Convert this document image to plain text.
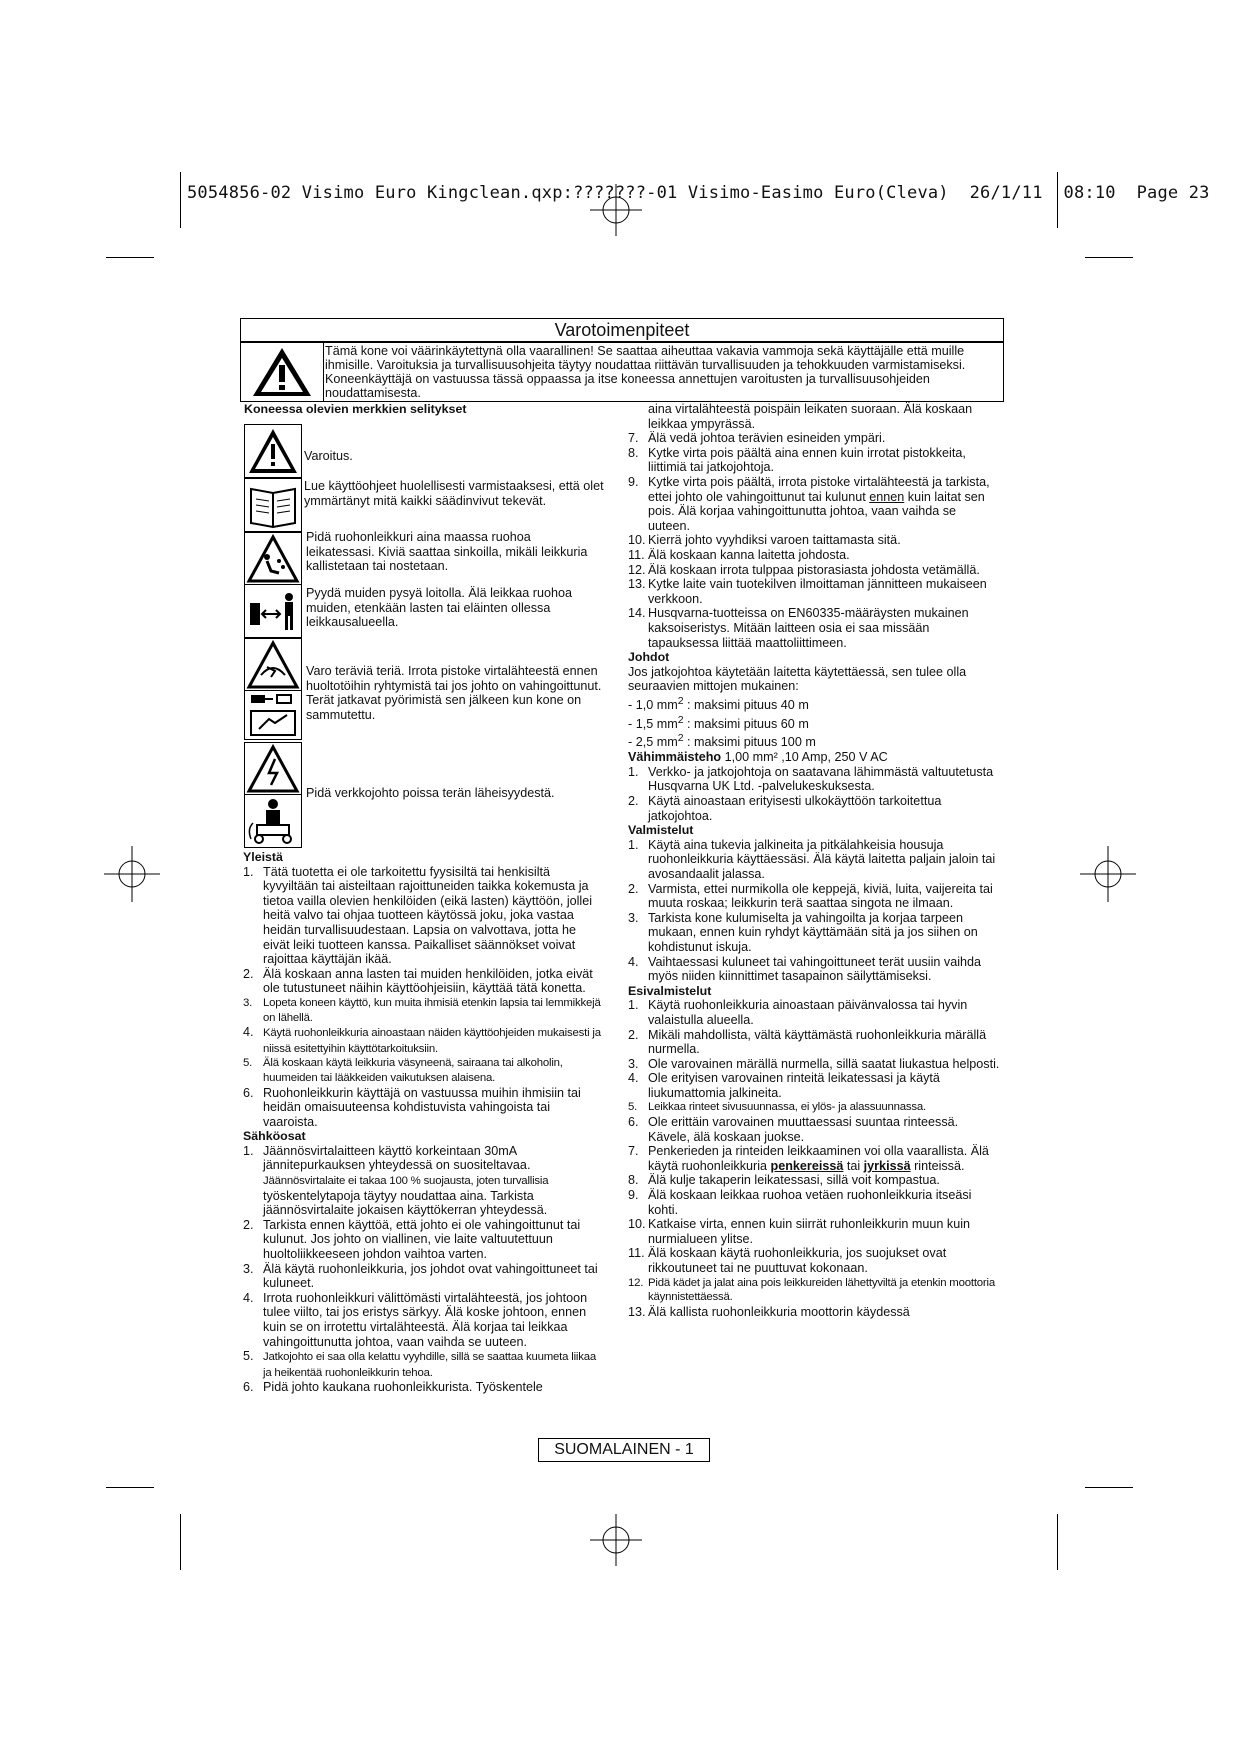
5054856-02 Visimo Euro Kingclean.qxp:???????-01 Visimo-Easimo Euro(Cleva)  26/1/11  08:10  Page 23
Varotoimenpiteet
Tämä kone voi väärinkäytettynä olla vaarallinen! Se saattaa aiheuttaa vakavia vammoja sekä käyttäjälle että muille ihmisille. Varoituksia ja turvallisuusohjeita täytyy noudattaa riittävän turvallisuuden ja tehokkuuden varmistamiseksi. Koneenkäyttäjä on vastuussa tässä oppaassa ja itse koneessa annettujen varoitusten ja turvallisuusohjeiden noudattamisesta.

Koneessa olevien merkkien selitykset

Varoitus.
Lue käyttöohjeet huolellisesti varmistaaksesi, että olet ymmärtänyt mitä kaikki säädinvivut tekevät.
Pidä ruohonleikkuri aina maassa ruohoa leikatessasi. Kiviä saattaa sinkoilla, mikäli leikkuria kallistetaan tai nostetaan.
Pyydä muiden pysyä loitolla. Älä leikkaa ruohoa muiden, etenkään lasten tai eläinten ollessa leikkausalueella.
Varo teräviä teriä. Irrota pistoke virtalähteestä ennen huoltotöihin ryhtymistä tai jos johto on vahingoittunut.
Terät jatkavat pyörimistä sen jälkeen kun kone on sammutettu.
Pidä verkkojohto poissa terän läheisyydestä.

Yleistä

1. Tätä tuotetta ei ole tarkoitettu fyysisiltä tai henkisiltä kyvyiltään tai aisteiltaan rajoittuneiden taikka kokemusta ja tietoa vailla olevien henkilöiden (eikä lasten) käyttöön, jollei heitä valvo tai ohjaa tuotteen käytössä joku, joka vastaa heidän turvallisuudestaan. Lapsia on valvottava, jotta he eivät leiki tuotteen kanssa. Paikalliset säännökset voivat rajoittaa käyttäjän ikää.
2. Älä koskaan anna lasten tai muiden henkilöiden, jotka eivät ole tutustuneet näihin käyttöohjeisiin, käyttää tätä konetta.
3. Lopeta koneen käyttö, kun muita ihmisiä etenkin lapsia tai lemmikkejä on lähellä.
4. Käytä ruohonleikkuria ainoastaan näiden käyttöohjeiden mukaisesti ja niissä esitettyihin käyttötarkoituksiin.
5. Älä koskaan käytä leikkuria väsyneenä, sairaana tai alkoholin, huumeiden tai lääkkeiden vaikutuksen alaisena.
6. Ruohonleikkurin käyttäjä on vastuussa muihin ihmisiin tai heidän omaisuuteensa kohdistuvista vahingoista tai vaaroista.

Sähköosat

1. Jäännösvirtalaitteen käyttö korkeintaan 30mA jännitepurkauksen yhteydessä on suositeltavaa.
Jäännösvirtalaite ei takaa 100 % suojausta, joten turvallisia
työskentelytapoja täytyy noudattaa aina. Tarkista jäännösvirtalaite jokaisen käyttökerran yhteydessä.
2. Tarkista ennen käyttöä, että johto ei ole vahingoittunut tai kulunut. Jos johto on viallinen, vie laite valtuutettuun huoltoliikkeeseen johdon vaihtoa varten.
3. Älä käytä ruohonleikkuria, jos johdot ovat vahingoittuneet tai kuluneet.
4. Irrota ruohonleikkuri välittömästi virtalähteestä, jos johtoon tulee viilto, tai jos eristys särkyy. Älä koske johtoon, ennen kuin se on irrotettu virtalähteestä. Älä korjaa tai leikkaa vahingoittunutta johtoa, vaan vaihda se uuteen.
5. Jatkojohto ei saa olla kelattu vyyhdille, sillä se saattaa kuumeta liikaa ja heikentää ruohonleikkurin tehoa.
6. Pidä johto kaukana ruohonleikkurista. Työskentele
aina virtalähteestä poispäin leikaten suoraan. Älä koskaan leikkaa ympyrässä.
7. Älä vedä johtoa terävien esineiden ympäri.
8. Kytke virta pois päältä aina ennen kuin irrotat pistokkeita, liittimiä tai jatkojohtoja.
9. Kytke virta pois päältä, irrota pistoke virtalähteestä ja tarkista, ettei johto ole vahingoittunut tai kulunut ennen kuin laitat sen pois. Älä korjaa vahingoittunutta johtoa, vaan vaihda se uuteen.
10. Kierrä johto vyyhdiksi varoen taittamasta sitä.
11. Älä koskaan kanna laitetta johdosta.
12. Älä koskaan irrota tulppaa pistorasiasta johdosta vetämällä.
13. Kytke laite vain tuotekilven ilmoittaman jännitteen mukaiseen verkkoon.
14. Husqvarna-tuotteissa on EN60335-määräysten mukainen kaksoiseristys. Mitään laitteen osia ei saa missään tapauksessa liittää maattoliittimeen.

Johdot

Jos jatkojohtoa käytetään laitetta käytettäessä, sen tulee olla seuraavien mittojen mukainen:

- 1,0 $mm^2$ : maksimi pituus 40 m

- 1,5 $mm^2$ : maksimi pituus 60 m

- 2,5 $mm^2$ : maksimi pituus 100 m

Vähimmäisteho 1,00 mm² ,10 Amp, 250 V AC

1. Verkko- ja jatkojohtoja on saatavana lähimmästä valtuutetusta Husqvarna UK Ltd. -palvelukeskuksesta.
2. Käytä ainoastaan erityisesti ulkokäyttöön tarkoitettua jatkojohtoa.

Valmistelut

1. Käytä aina tukevia jalkineita ja pitkälahkeisia housuja ruohonleikkuria käyttäessäsi. Älä käytä laitetta paljain jaloin tai avosandaalit jalassa.
2. Varmista, ettei nurmikolla ole keppejä, kiviä, luita, vaijereita tai muuta roskaa; leikkurin terä saattaa singota ne ilmaan.
3. Tarkista kone kulumiselta ja vahingoilta ja korjaa tarpeen mukaan, ennen kuin ryhdyt käyttämään sitä ja jos siihen on kohdistunut iskuja.
4. Vaihtaessasi kuluneet tai vahingoittuneet terät uusiin vaihda myös niiden kiinnittimet tasapainon säilyttämiseksi.

Esivalmistelut

1. Käytä ruohonleikkuria ainoastaan päivänvalossa tai hyvin valaistulla alueella.
2. Mikäli mahdollista, vältä käyttämästä ruohonleikkuria märällä nurmella.
3. Ole varovainen märällä nurmella, sillä saatat liukastua helposti.
4. Ole erityisen varovainen rinteitä leikatessasi ja käytä liukumattomia jalkineita.
5. Leikkaa rinteet sivusuunnassa, ei ylös- ja alassuunnassa.
6. Ole erittäin varovainen muuttaessasi suuntaa rinteessä. Kävele, älä koskaan juokse.
7. Penkerieden ja rinteiden leikkaaminen voi olla vaarallista. Älä käytä ruohonleikkuria penkereissä tai jyrkissä rinteissä.
8. Älä kulje takaperin leikatessasi, sillä voit kompastua.
9. Älä koskaan leikkaa ruohoa vetäen ruohonleikkuria itseäsi kohti.
10. Katkaise virta, ennen kuin siirrät ruhonleikkurin muun kuin nurmialueen ylitse.
11. Älä koskaan käytä ruohonleikkuria, jos suojukset ovat rikkoutuneet tai ne puuttuvat kokonaan.
12. Pidä kädet ja jalat aina pois leikkureiden lähettyviltä ja etenkin moottoria käynnistettäessä.
13. Älä kallista ruohonleikkuria moottorin käydessä
SUOMALAINEN - 1
